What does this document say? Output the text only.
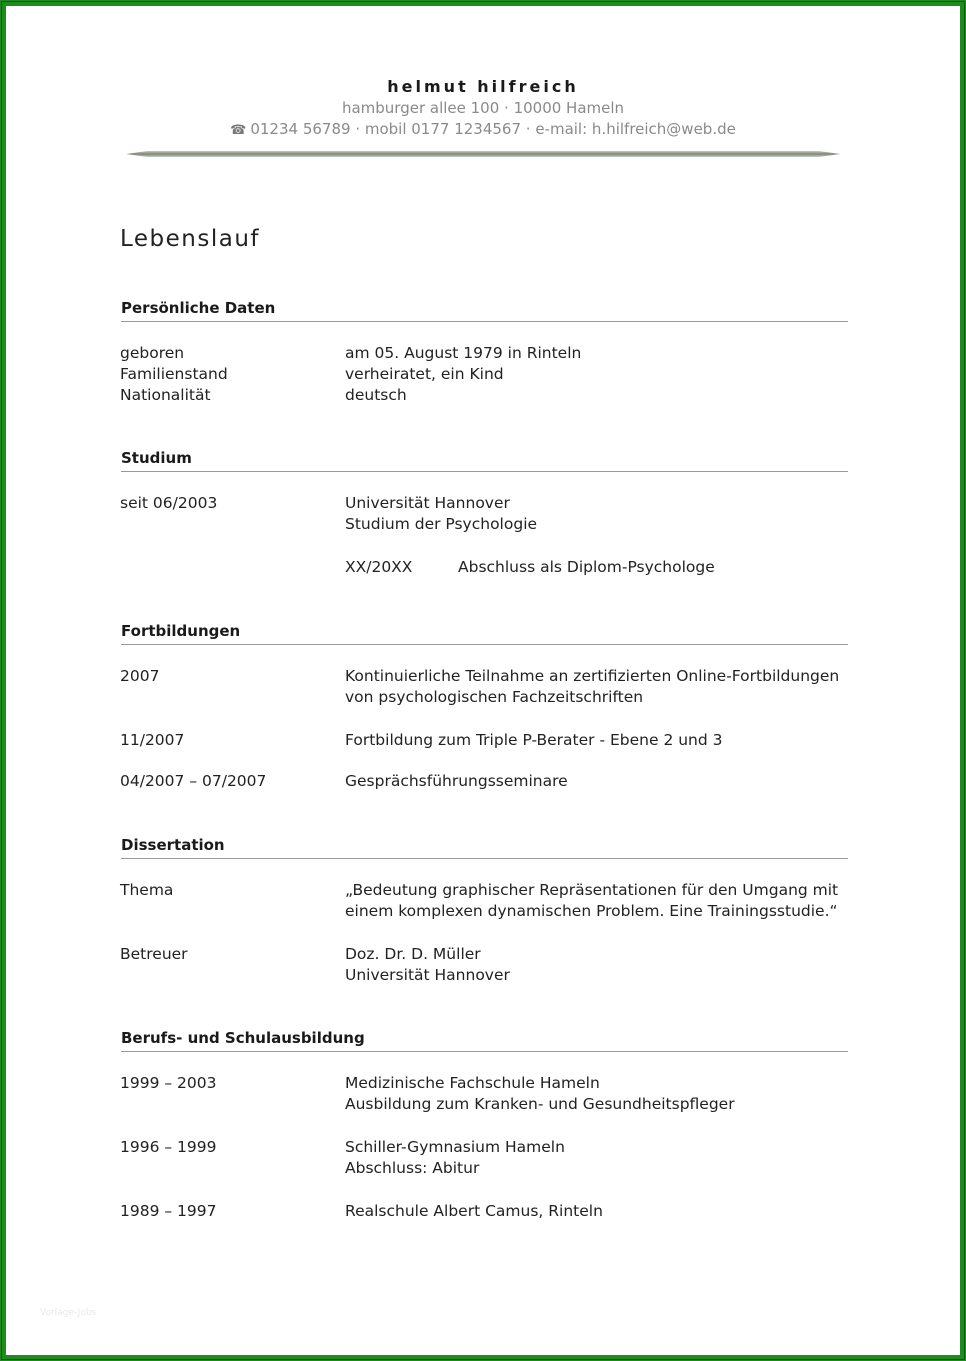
helmut hilfreich
hamburger allee 100 · 10000 Hameln
☎ 01234 56789 · mobil 0177 1234567 · e-mail: h.hilfreich@web.de
Lebenslauf
Persönliche Daten
geboren	am 05. August 1979 in Rinteln
Familienstand	verheiratet, ein Kind
Nationalität	deutsch
Studium
seit 06/2003	Universität Hannover
Studium der Psychologie
XX/20XX	Abschluss als Diplom-Psychologe
Fortbildungen
2007	Kontinuierliche Teilnahme an zertifizierten Online-Fortbildungen
von psychologischen Fachzeitschriften
11/2007	Fortbildung zum Triple P-Berater - Ebene 2 und 3
04/2007 – 07/2007	Gesprächsführungsseminare
Dissertation
Thema	„Bedeutung graphischer Repräsentationen für den Umgang mit
einem komplexen dynamischen Problem. Eine Trainingsstudie.“
Betreuer	Doz. Dr. D. Müller
Universität Hannover
Berufs- und Schulausbildung
1999 – 2003	Medizinische Fachschule Hameln
Ausbildung zum Kranken- und Gesundheitspfleger
1996 – 1999	Schiller-Gymnasium Hameln
Abschluss: Abitur
1989 – 1997	Realschule Albert Camus, Rinteln
Vorlage-Jobs
